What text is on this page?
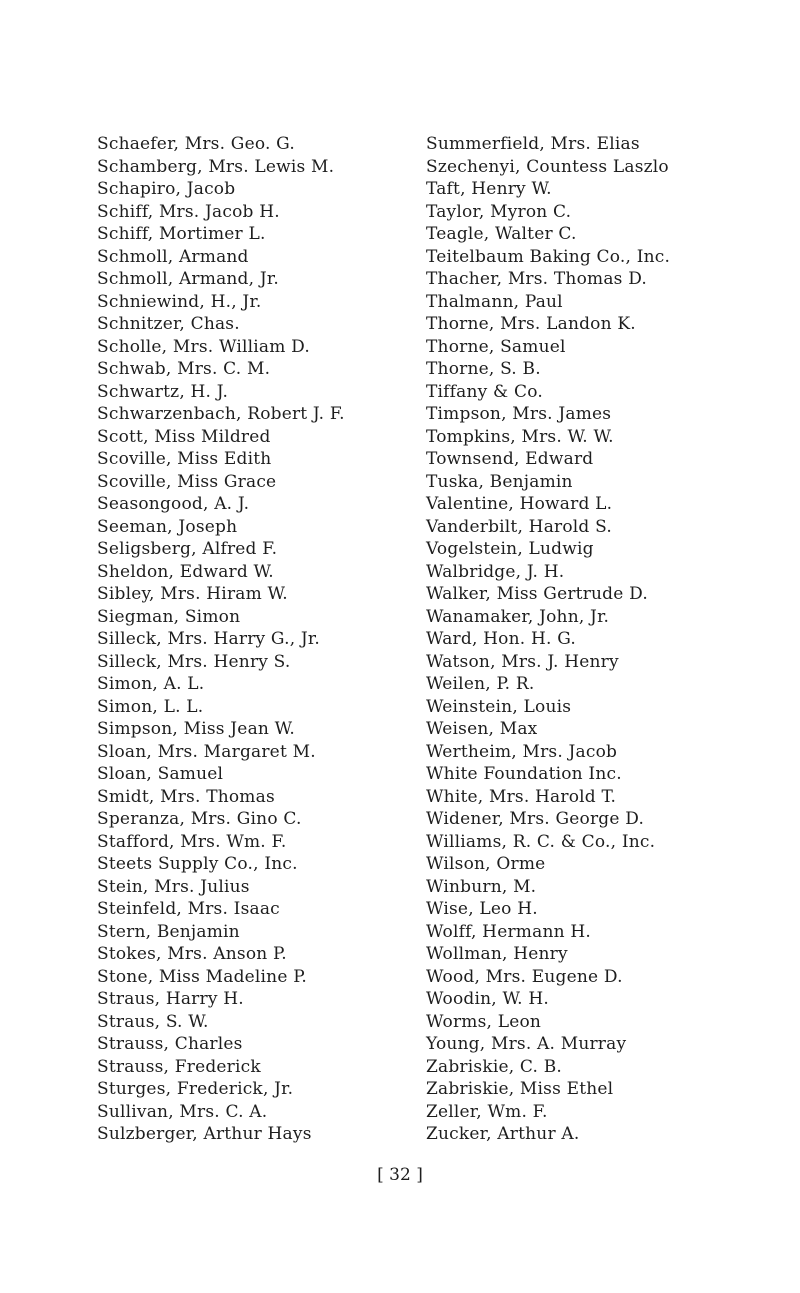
Schaefer, Mrs. Geo. G.
Schamberg, Mrs. Lewis M.
Schapiro, Jacob
Schiff, Mrs. Jacob H.
Schiff, Mortimer L.
Schmoll, Armand
Schmoll, Armand, Jr.
Schniewind, H., Jr.
Schnitzer, Chas.
Scholle, Mrs. William D.
Schwab, Mrs. C. M.
Schwartz, H. J.
Schwarzenbach, Robert J. F.
Scott, Miss Mildred
Scoville, Miss Edith
Scoville, Miss Grace
Seasongood, A. J.
Seeman, Joseph
Seligsberg, Alfred F.
Sheldon, Edward W.
Sibley, Mrs. Hiram W.
Siegman, Simon
Silleck, Mrs. Harry G., Jr.
Silleck, Mrs. Henry S.
Simon, A. L.
Simon, L. L.
Simpson, Miss Jean W.
Sloan, Mrs. Margaret M.
Sloan, Samuel
Smidt, Mrs. Thomas
Speranza, Mrs. Gino C.
Stafford, Mrs. Wm. F.
Steets Supply Co., Inc.
Stein, Mrs. Julius
Steinfeld, Mrs. Isaac
Stern, Benjamin
Stokes, Mrs. Anson P.
Stone, Miss Madeline P.
Straus, Harry H.
Straus, S. W.
Strauss, Charles
Strauss, Frederick
Sturges, Frederick, Jr.
Sullivan, Mrs. C. A.
Sulzberger, Arthur Hays
Summerfield, Mrs. Elias
Szechenyi, Countess Laszlo
Taft, Henry W.
Taylor, Myron C.
Teagle, Walter C.
Teitelbaum Baking Co., Inc.
Thacher, Mrs. Thomas D.
Thalmann, Paul
Thorne, Mrs. Landon K.
Thorne, Samuel
Thorne, S. B.
Tiffany & Co.
Timpson, Mrs. James
Tompkins, Mrs. W. W.
Townsend, Edward
Tuska, Benjamin
Valentine, Howard L.
Vanderbilt, Harold S.
Vogelstein, Ludwig
Walbridge, J. H.
Walker, Miss Gertrude D.
Wanamaker, John, Jr.
Ward, Hon. H. G.
Watson, Mrs. J. Henry
Weilen, P. R.
Weinstein, Louis
Weisen, Max
Wertheim, Mrs. Jacob
White Foundation Inc.
White, Mrs. Harold T.
Widener, Mrs. George D.
Williams, R. C. & Co., Inc.
Wilson, Orme
Winburn, M.
Wise, Leo H.
Wolff, Hermann H.
Wollman, Henry
Wood, Mrs. Eugene D.
Woodin, W. H.
Worms, Leon
Young, Mrs. A. Murray
Zabriskie, C. B.
Zabriskie, Miss Ethel
Zeller, Wm. F.
Zucker, Arthur A.
[ 32 ]
